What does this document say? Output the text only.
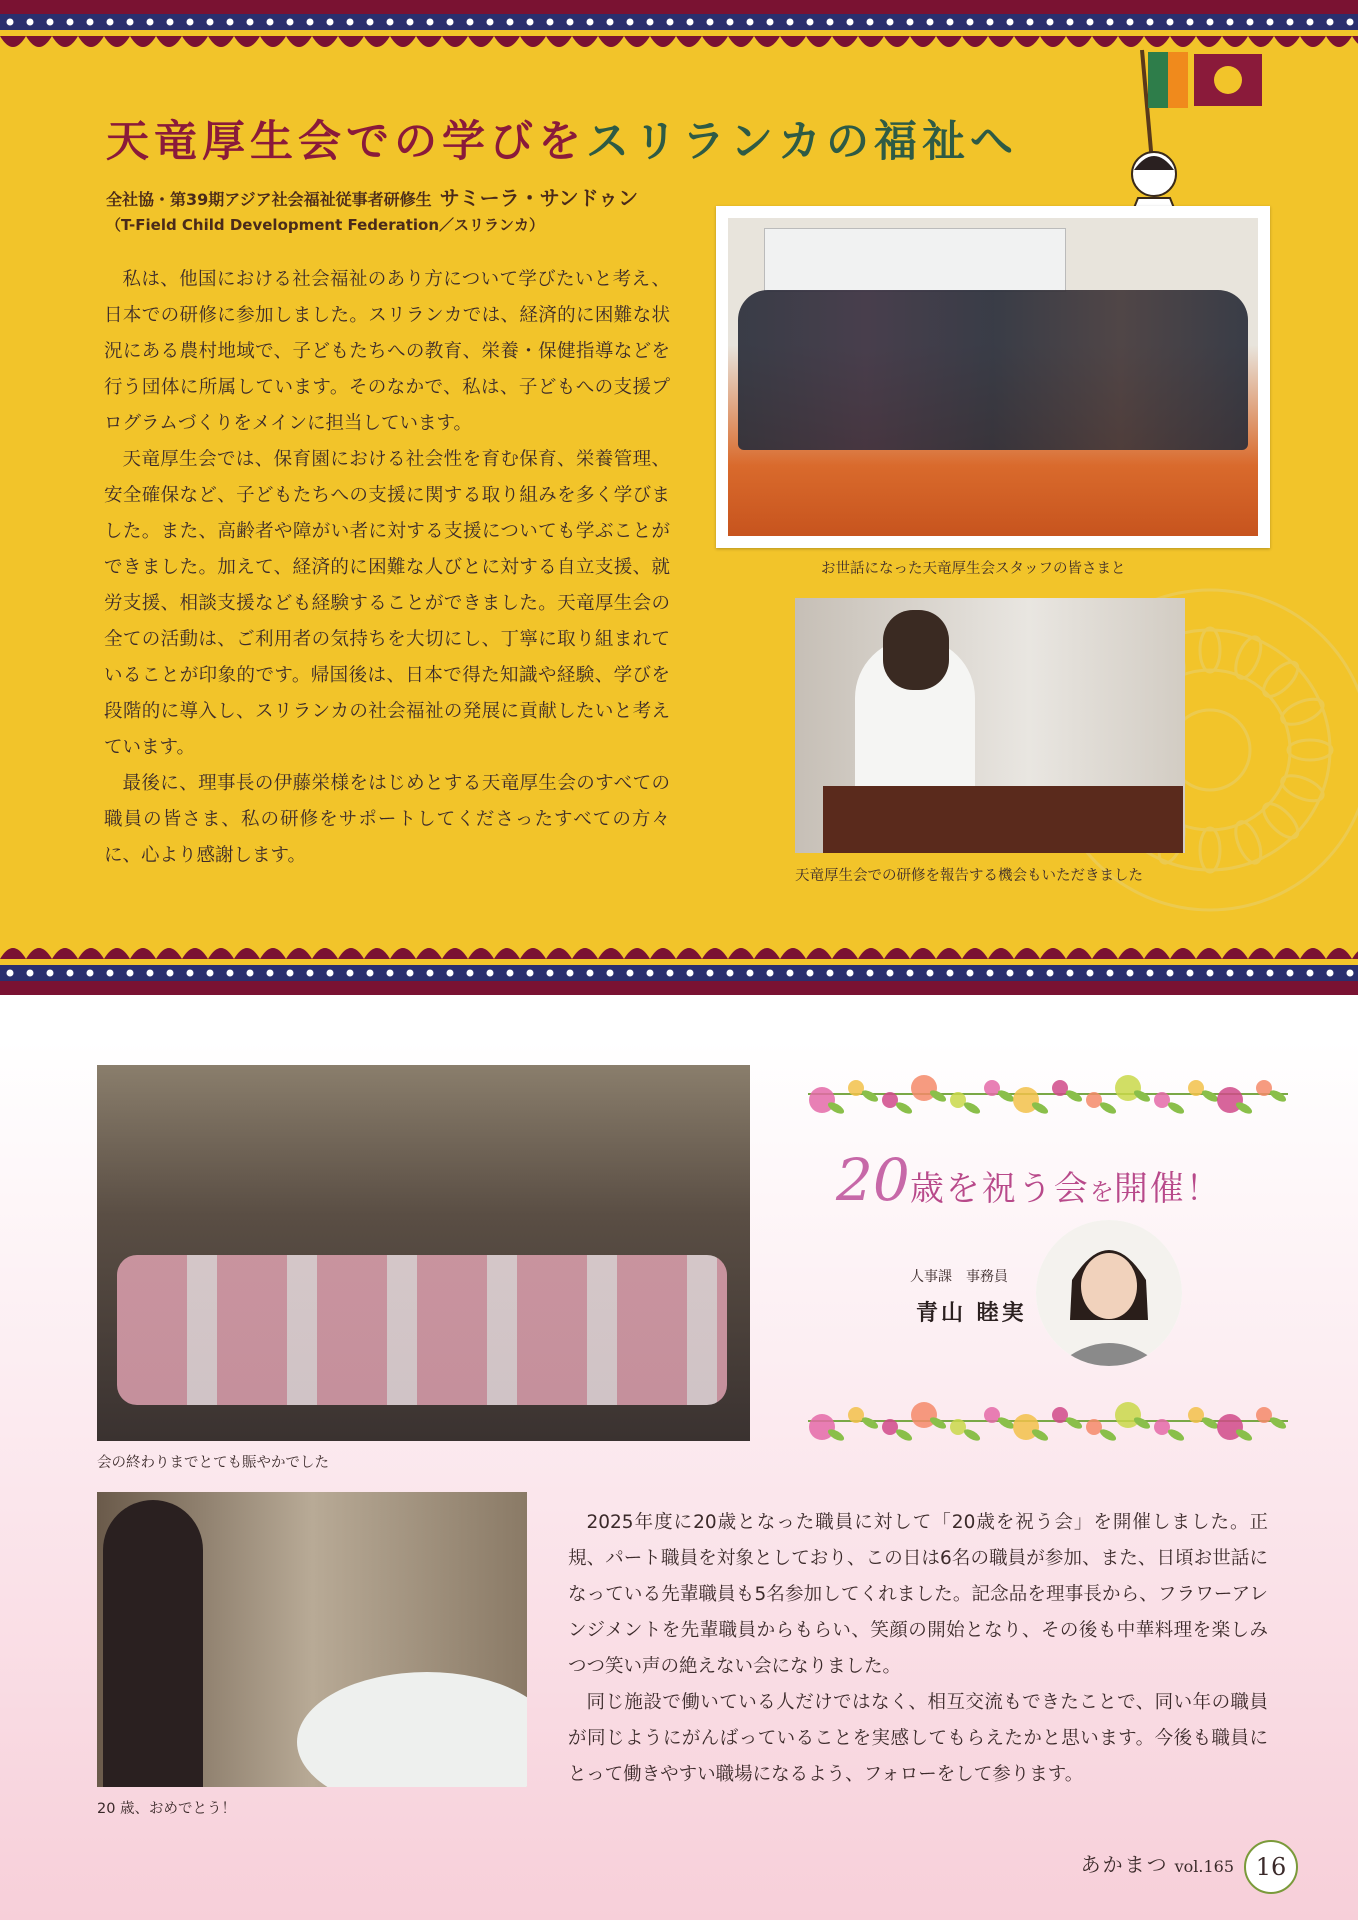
天竜厚生会での学びをスリランカの福祉へ
全社協・第39期アジア社会福祉従事者研修生 サミーラ・サンドゥン
（T-Field Child Development Federation／スリランカ）

私は、他国における社会福祉のあり方について学びたいと考え、日本での研修に参加しました。スリランカでは、経済的に困難な状況にある農村地域で、子どもたちへの教育、栄養・保健指導などを行う団体に所属しています。そのなかで、私は、子どもへの支援プログラムづくりをメインに担当しています。

天竜厚生会では、保育園における社会性を育む保育、栄養管理、安全確保など、子どもたちへの支援に関する取り組みを多く学びました。また、高齢者や障がい者に対する支援についても学ぶことができました。加えて、経済的に困難な人びとに対する自立支援、就労支援、相談支援なども経験することができました。天竜厚生会の全ての活動は、ご利用者の気持ちを大切にし、丁寧に取り組まれていることが印象的です。帰国後は、日本で得た知識や経験、学びを段階的に導入し、スリランカの社会福祉の発展に貢献したいと考えています。

最後に、理事長の伊藤栄様をはじめとする天竜厚生会のすべての職員の皆さま、私の研修をサポートしてくださったすべての方々に、心より感謝します。

お世話になった天竜厚生会スタッフの皆さまと
天竜厚生会での研修を報告する機会もいただきました
会の終わりまでとても賑やかでした
20 歳、おめでとう！
20歳を祝う会を開催！
人事課　事務員
青山 睦実

2025年度に20歳となった職員に対して「20歳を祝う会」を開催しました。正規、パート職員を対象としており、この日は6名の職員が参加、また、日頃お世話になっている先輩職員も5名参加してくれました。記念品を理事長から、フラワーアレンジメントを先輩職員からもらい、笑顔の開始となり、その後も中華料理を楽しみつつ笑い声の絶えない会になりました。

同じ施設で働いている人だけではなく、相互交流もできたことで、同い年の職員が同じようにがんばっていることを実感してもらえたかと思います。今後も職員にとって働きやすい職場になるよう、フォローをして参ります。

あかまつ vol.165 16
